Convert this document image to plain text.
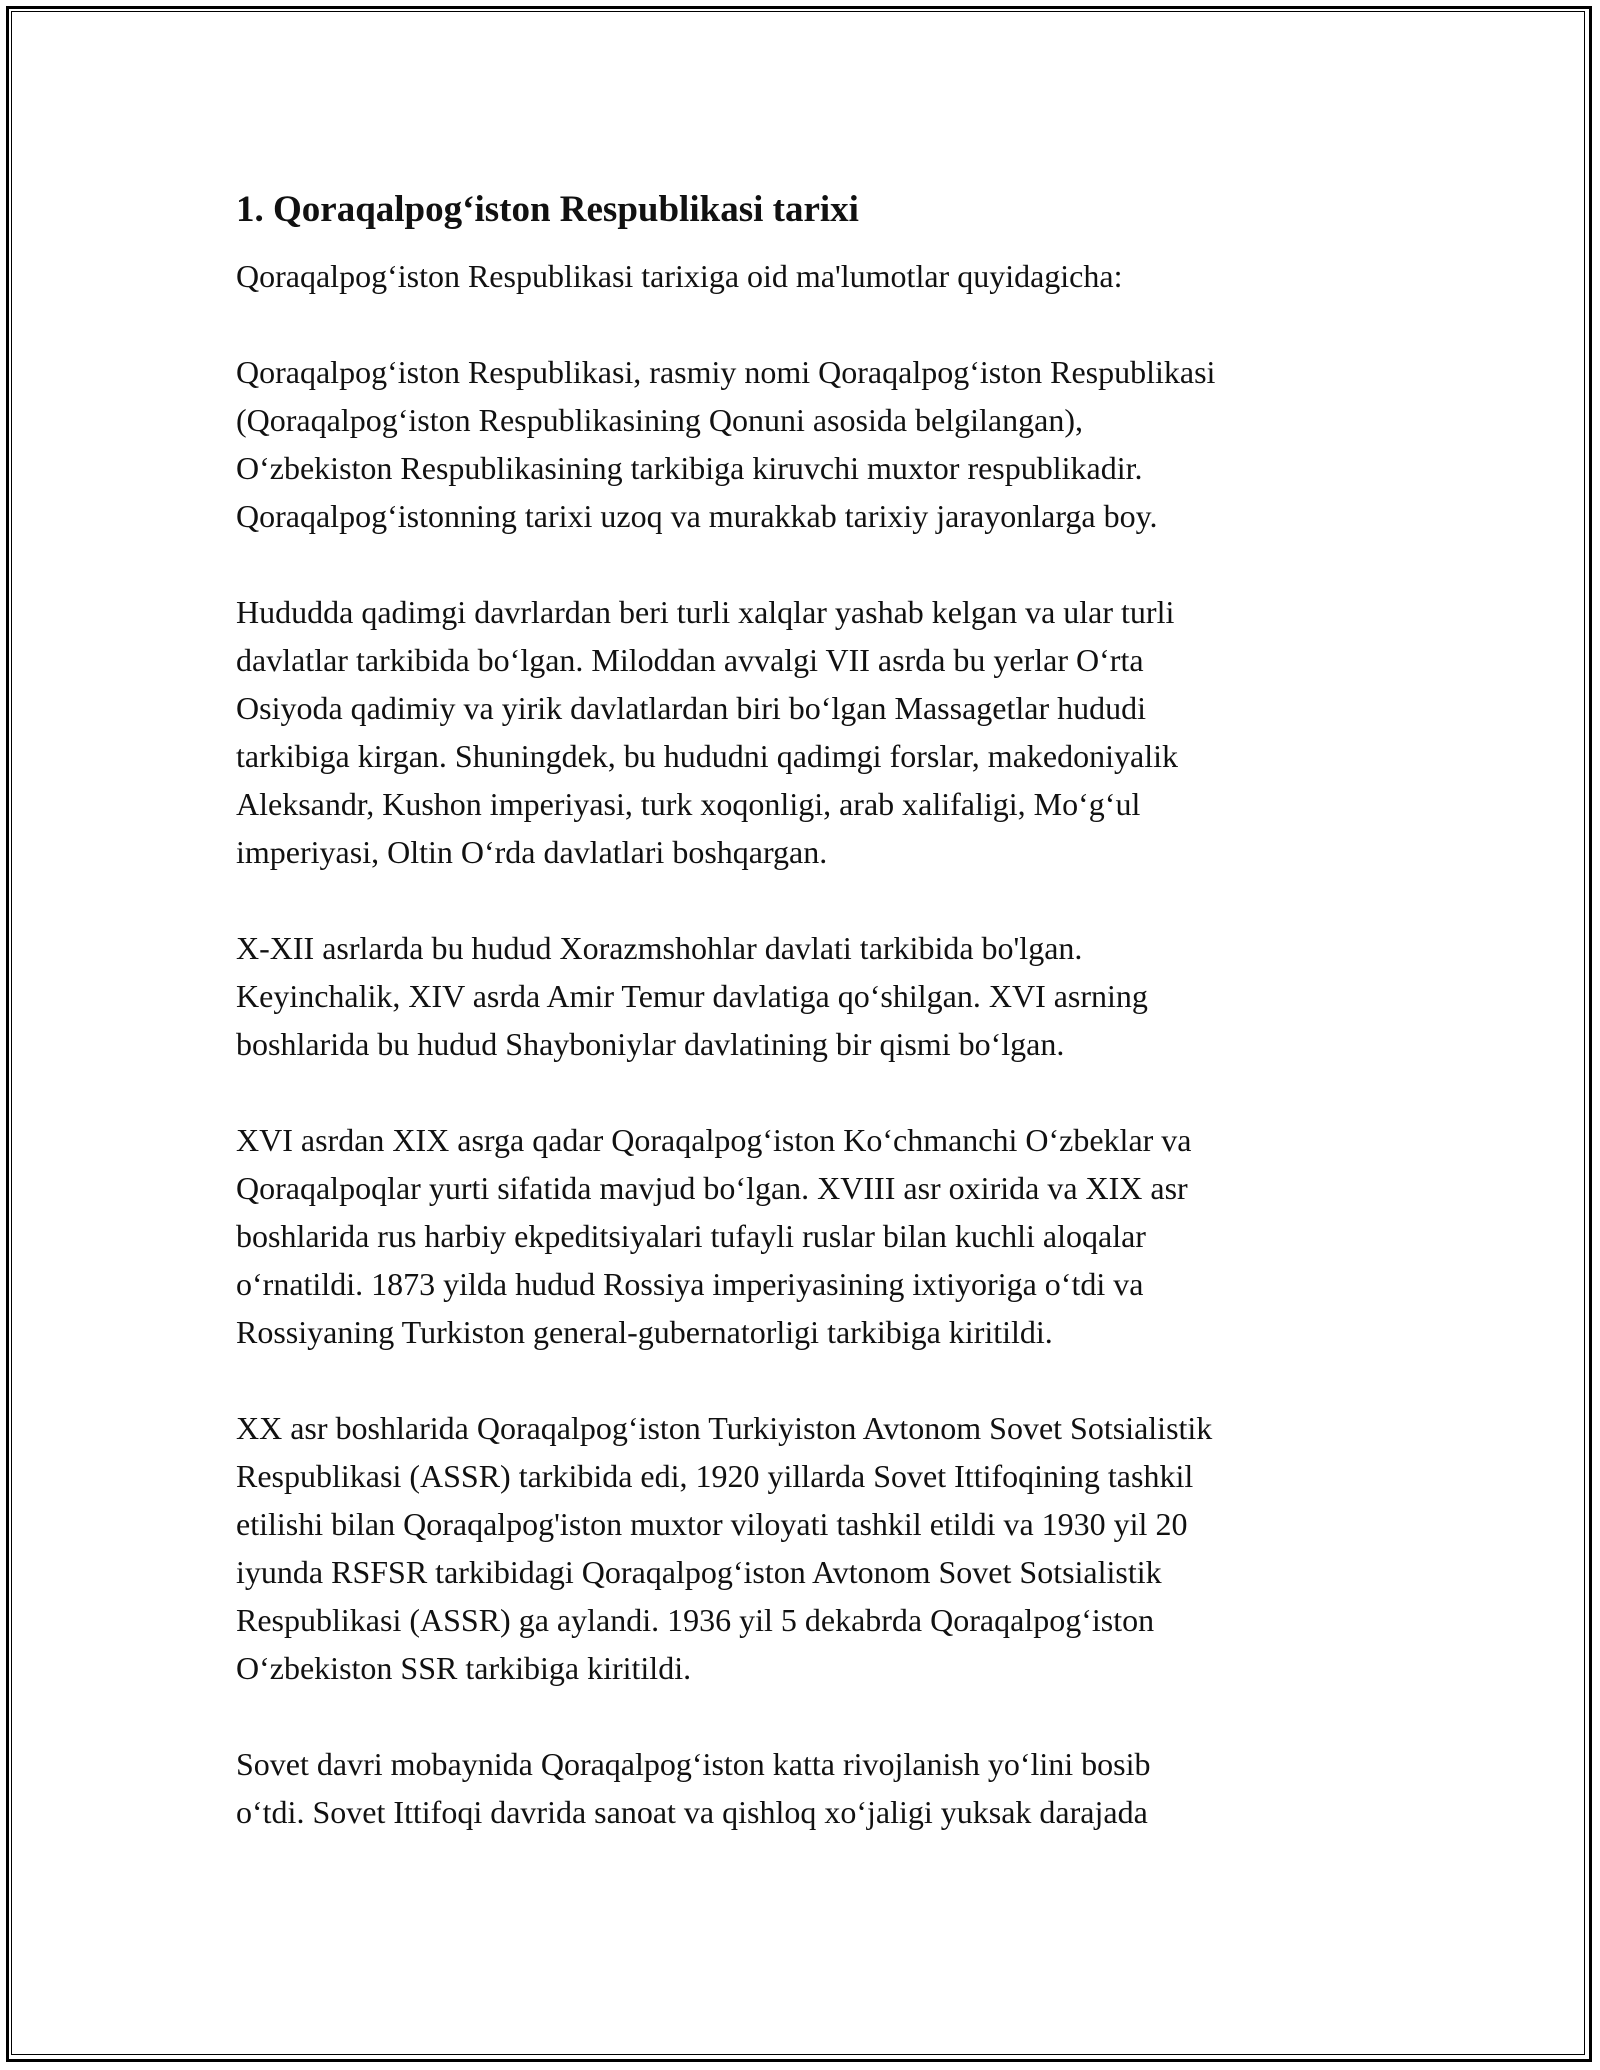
1. Qoraqalpog‘iston Respublikasi tarixi

Qoraqalpog‘iston Respublikasi tarixiga oid ma'lumotlar quyidagicha:

Qoraqalpog‘iston Respublikasi, rasmiy nomi Qoraqalpog‘iston Respublikasi
(Qoraqalpog‘iston Respublikasining Qonuni asosida belgilangan),
O‘zbekiston Respublikasining tarkibiga kiruvchi muxtor respublikadir.
Qoraqalpog‘istonning tarixi uzoq va murakkab tarixiy jarayonlarga boy.

Hududda qadimgi davrlardan beri turli xalqlar yashab kelgan va ular turli
davlatlar tarkibida bo‘lgan. Miloddan avvalgi VII asrda bu yerlar O‘rta
Osiyoda qadimiy va yirik davlatlardan biri bo‘lgan Massagetlar hududi
tarkibiga kirgan. Shuningdek, bu hududni qadimgi forslar, makedoniyalik
Aleksandr, Kushon imperiyasi, turk xoqonligi, arab xalifaligi, Mo‘g‘ul
imperiyasi, Oltin O‘rda davlatlari boshqargan.

X-XII asrlarda bu hudud Xorazmshohlar davlati tarkibida bo'lgan.
Keyinchalik, XIV asrda Amir Temur davlatiga qo‘shilgan. XVI asrning
boshlarida bu hudud Shayboniylar davlatining bir qismi bo‘lgan.

XVI asrdan XIX asrga qadar Qoraqalpog‘iston Ko‘chmanchi O‘zbeklar va
Qoraqalpoqlar yurti sifatida mavjud bo‘lgan. XVIII asr oxirida va XIX asr
boshlarida rus harbiy ekpeditsiyalari tufayli ruslar bilan kuchli aloqalar
o‘rnatildi. 1873 yilda hudud Rossiya imperiyasining ixtiyoriga o‘tdi va
Rossiyaning Turkiston general-gubernatorligi tarkibiga kiritildi.

XX asr boshlarida Qoraqalpog‘iston Turkiyiston Avtonom Sovet Sotsialistik
Respublikasi (ASSR) tarkibida edi, 1920 yillarda Sovet Ittifoqining tashkil
etilishi bilan Qoraqalpog'iston muxtor viloyati tashkil etildi va 1930 yil 20
iyunda RSFSR tarkibidagi Qoraqalpog‘iston Avtonom Sovet Sotsialistik
Respublikasi (ASSR) ga aylandi. 1936 yil 5 dekabrda Qoraqalpog‘iston
O‘zbekiston SSR tarkibiga kiritildi.

Sovet davri mobaynida Qoraqalpog‘iston katta rivojlanish yo‘lini bosib
o‘tdi. Sovet Ittifoqi davrida sanoat va qishloq xo‘jaligi yuksak darajada
